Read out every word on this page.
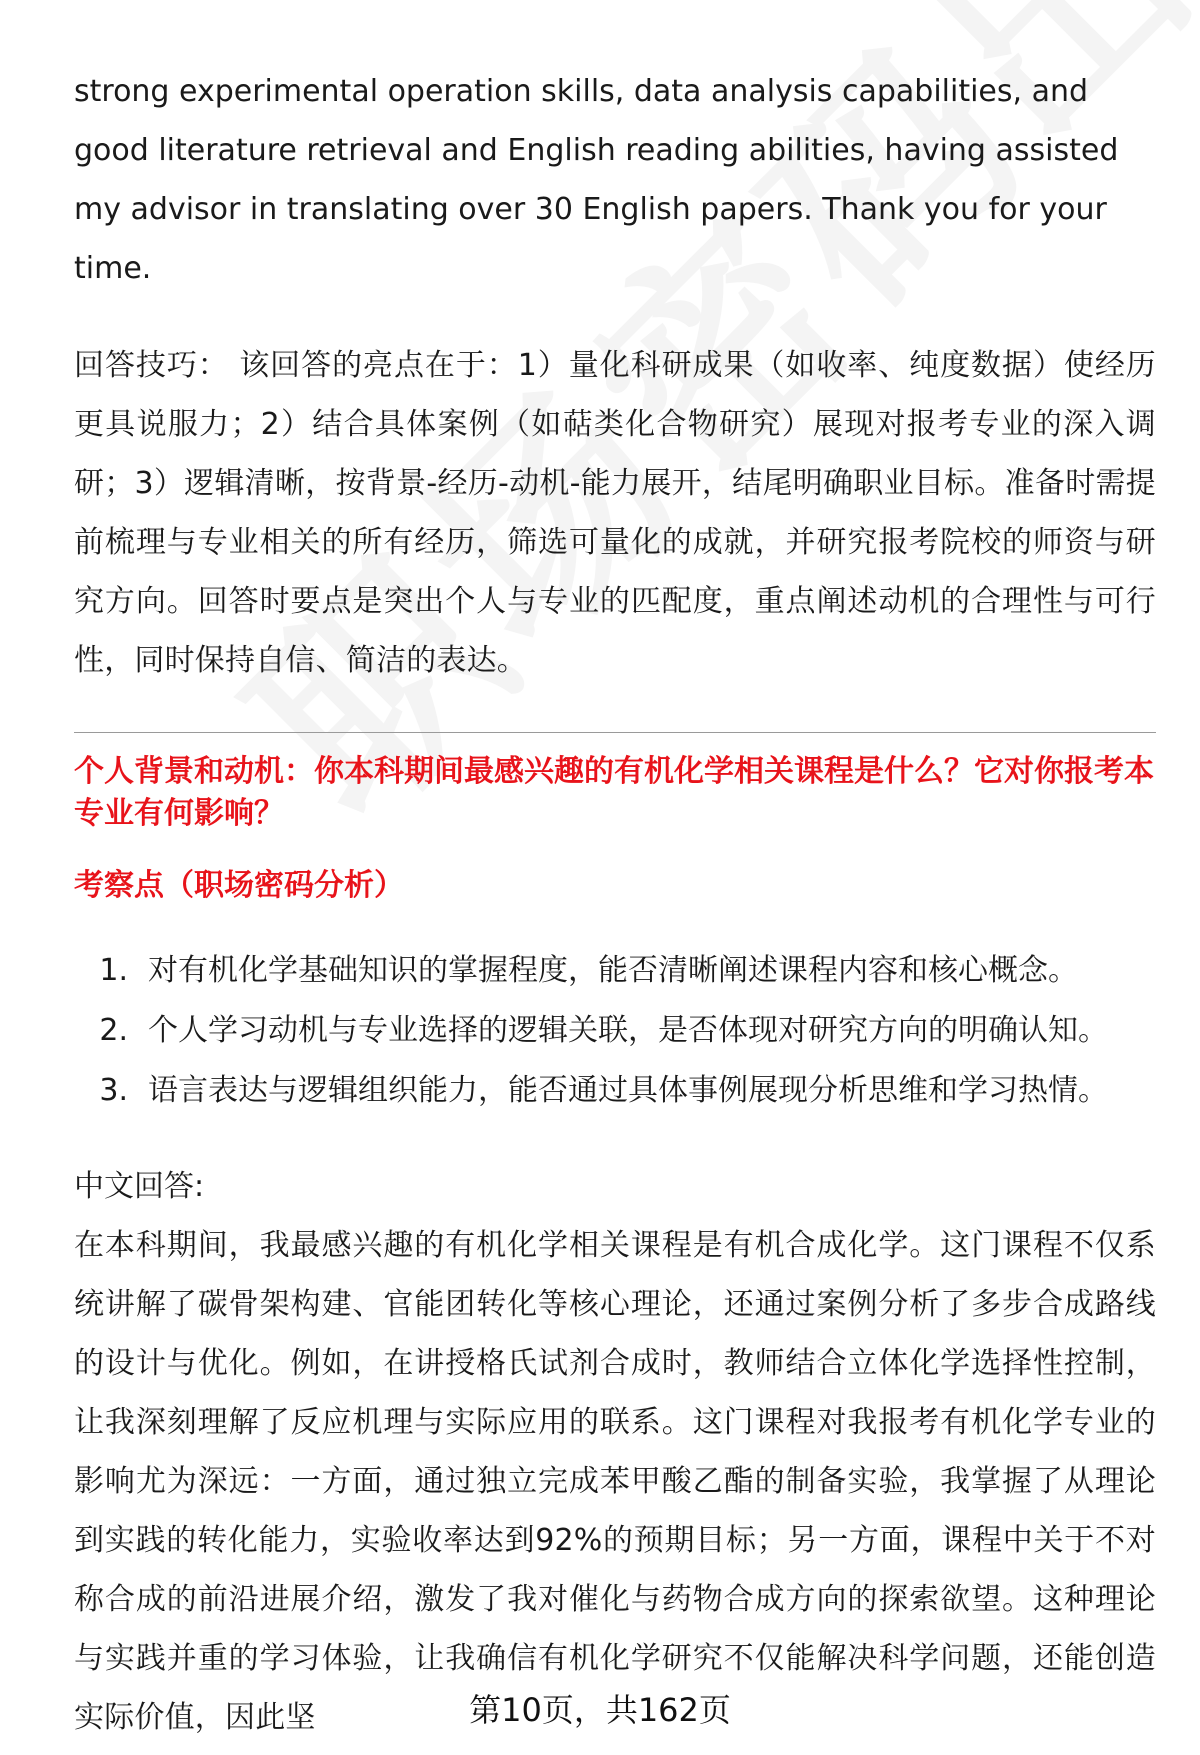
strong experimental operation skills, data analysis capabilities, and good literature retrieval and English reading abilities, having assisted my advisor in translating over 30 English papers. Thank you for your time.

回答技巧： 该回答的亮点在于：1）量化科研成果（如收率、纯度数据）使经历更具说服力；2）结合具体案例（如萜类化合物研究）展现对报考专业的深入调研；3）逻辑清晰，按背景-经历-动机-能力展开，结尾明确职业目标。准备时需提前梳理与专业相关的所有经历，筛选可量化的成就，并研究报考院校的师资与研究方向。回答时要点是突出个人与专业的匹配度，重点阐述动机的合理性与可行性，同时保持自信、简洁的表达。

个人背景和动机：你本科期间最感兴趣的有机化学相关课程是什么？它对你报考本专业有何影响？

考察点（职场密码分析）

1. 对有机化学基础知识的掌握程度，能否清晰阐述课程内容和核心概念。
2. 个人学习动机与专业选择的逻辑关联，是否体现对研究方向的明确认知。
3. 语言表达与逻辑组织能力，能否通过具体事例展现分析思维和学习热情。

中文回答:

在本科期间，我最感兴趣的有机化学相关课程是有机合成化学。这门课程不仅系统讲解了碳骨架构建、官能团转化等核心理论，还通过案例分析了多步合成路线的设计与优化。例如，在讲授格氏试剂合成时，教师结合立体化学选择性控制，让我深刻理解了反应机理与实际应用的联系。这门课程对我报考有机化学专业的影响尤为深远：一方面，通过独立完成苯甲酸乙酯的制备实验，我掌握了从理论到实践的转化能力，实验收率达到92%的预期目标；另一方面，课程中关于不对称合成的前沿进展介绍，激发了我对催化与药物合成方向的探索欲望。这种理论与实践并重的学习体验，让我确信有机化学研究不仅能解决科学问题，还能创造实际价值，因此坚	第10页，共162页
